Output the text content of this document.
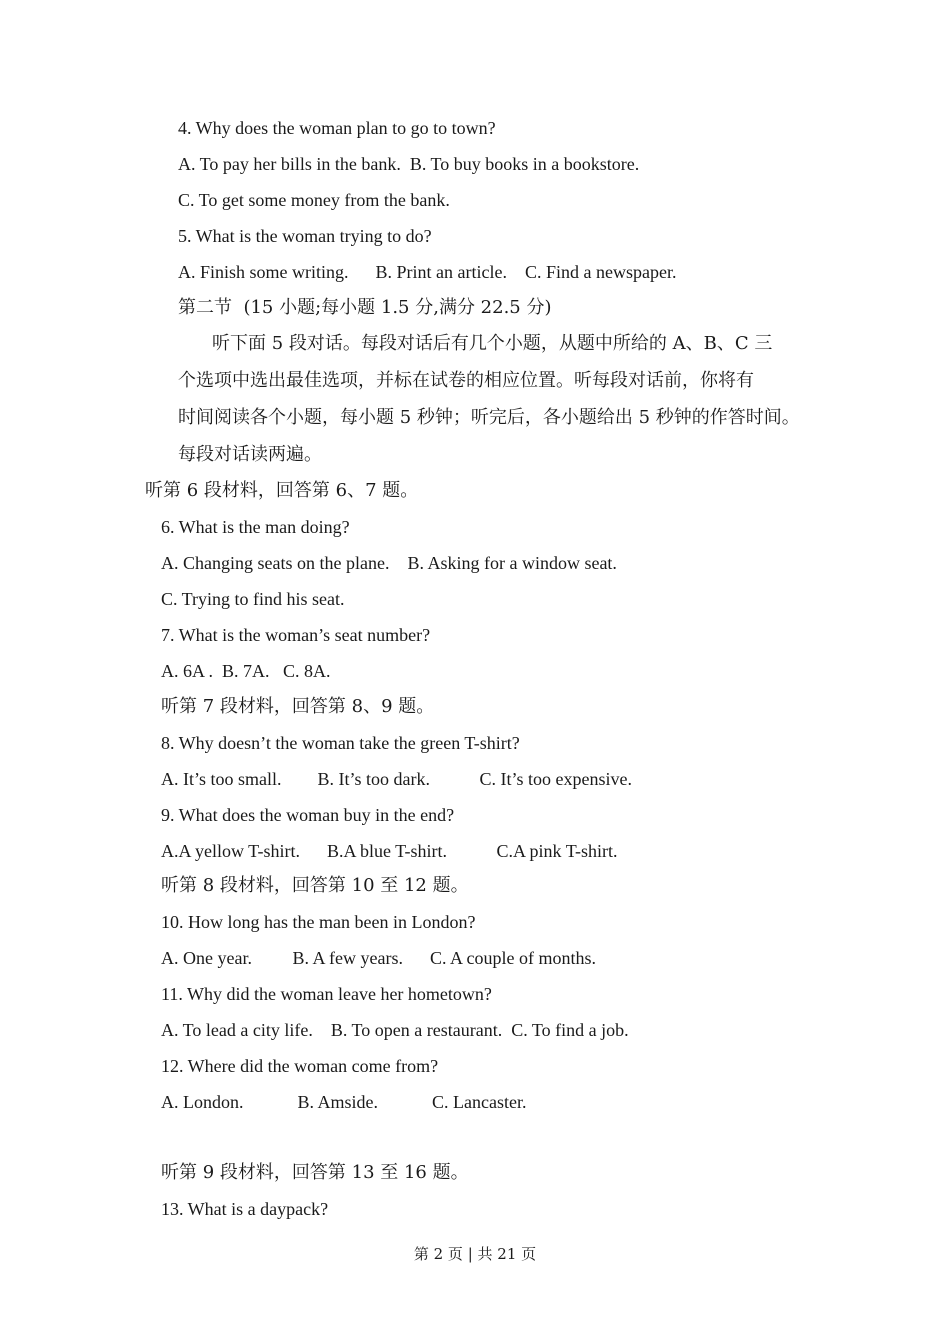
4. Why does the woman plan to go to town?
A. To pay her bills in the bank.  B. To buy books in a bookstore.
C. To get some money from the bank.
5. What is the woman trying to do?
A. Finish some writing.      B. Print an article.    C. Find a newspaper.
第二节  (15 小题;每小题 1.5 分,满分 22.5 分)
听下面 5 段对话。每段对话后有几个小题，从题中所给的 A、B、C 三
个选项中选出最佳选项，并标在试卷的相应位置。听每段对话前，你将有
时间阅读各个小题，每小题 5 秒钟；听完后，各小题给出 5 秒钟的作答时间。
每段对话读两遍。
听第 6 段材料，回答第 6、7 题。
6. What is the man doing?
A. Changing seats on the plane.    B. Asking for a window seat.
C. Trying to find his seat.
7. What is the woman’s seat number?
A. 6A .  B. 7A.   C. 8A.
听第 7 段材料，回答第 8、9 题。
8. Why doesn’t the woman take the green T-shirt?
A. It’s too small.        B. It’s too dark.           C. It’s too expensive.
9. What does the woman buy in the end?
A.A yellow T-shirt.      B.A blue T-shirt.           C.A pink T-shirt.
听第 8 段材料，回答第 10 至 12 题。
10. How long has the man been in London?
A. One year.         B. A few years.      C. A couple of months.
11. Why did the woman leave her hometown?
A. To lead a city life.    B. To open a restaurant.  C. To find a job.
12. Where did the woman come from?
A. London.            B. Amside.            C. Lancaster.
听第 9 段材料，回答第 13 至 16 题。
13. What is a daypack?
第 2 页 | 共 21 页
